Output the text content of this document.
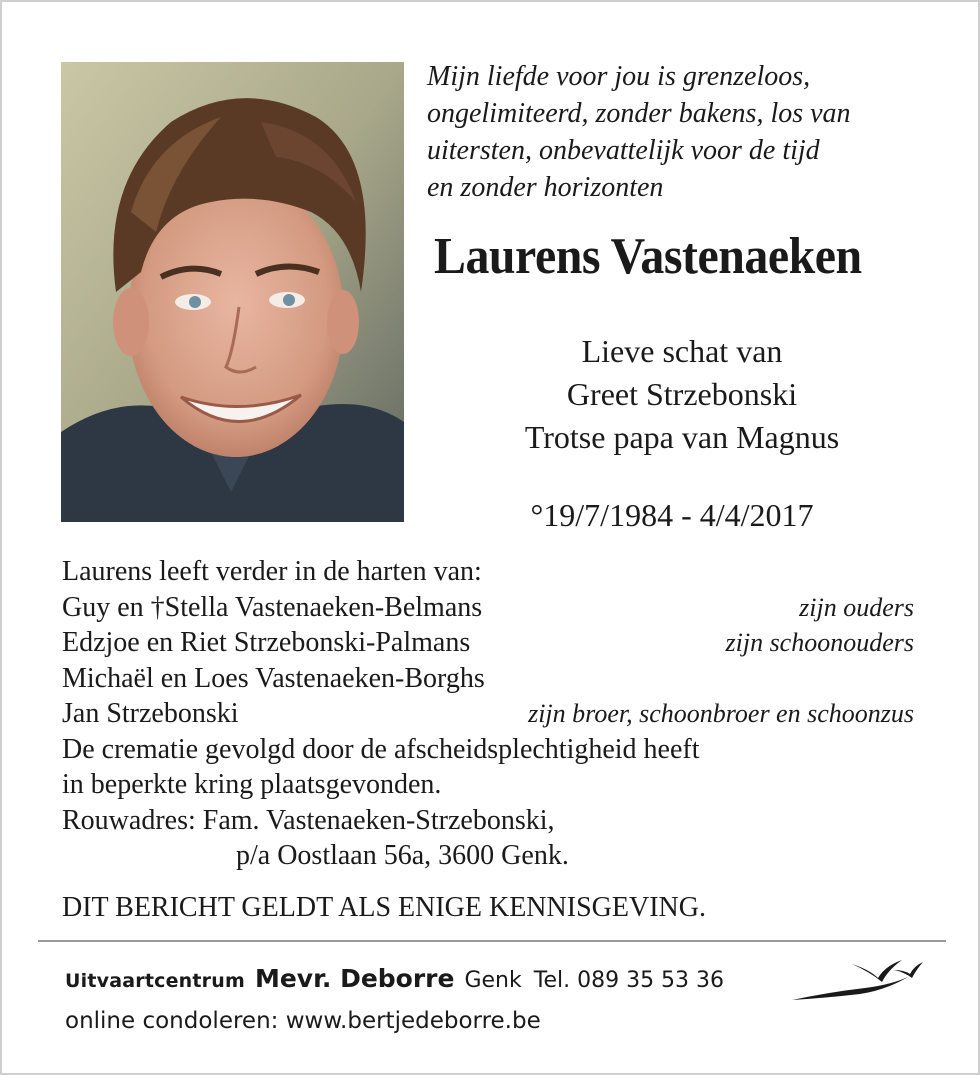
Mijn liefde voor jou is grenzeloos,
ongelimiteerd, zonder bakens, los van
uitersten, onbevattelijk voor de tijd
en zonder horizonten
Laurens Vastenaeken
Lieve schat van
Greet Strzebonski
Trotse papa van Magnus
°19/7/1984 - 4/4/2017
Laurens leeft verder in de harten van:
Guy en †Stella Vastenaeken-Belmans	zijn ouders
Edzjoe en Riet Strzebonski-Palmans	zijn schoonouders
Michaël en Loes Vastenaeken-Borghs
Jan Strzebonski	zijn broer, schoonbroer en schoonzus
De crematie gevolgd door de afscheidsplechtigheid heeft
in beperkte kring plaatsgevonden.
Rouwadres: Fam. Vastenaeken-Strzebonski,
p/a Oostlaan 56a, 3600 Genk.
DIT BERICHT GELDT ALS ENIGE KENNISGEVING.
Uitvaartcentrum Mevr. Deborre Genk Tel. 089 35 53 36
online condoleren: www.bertjedeborre.be
